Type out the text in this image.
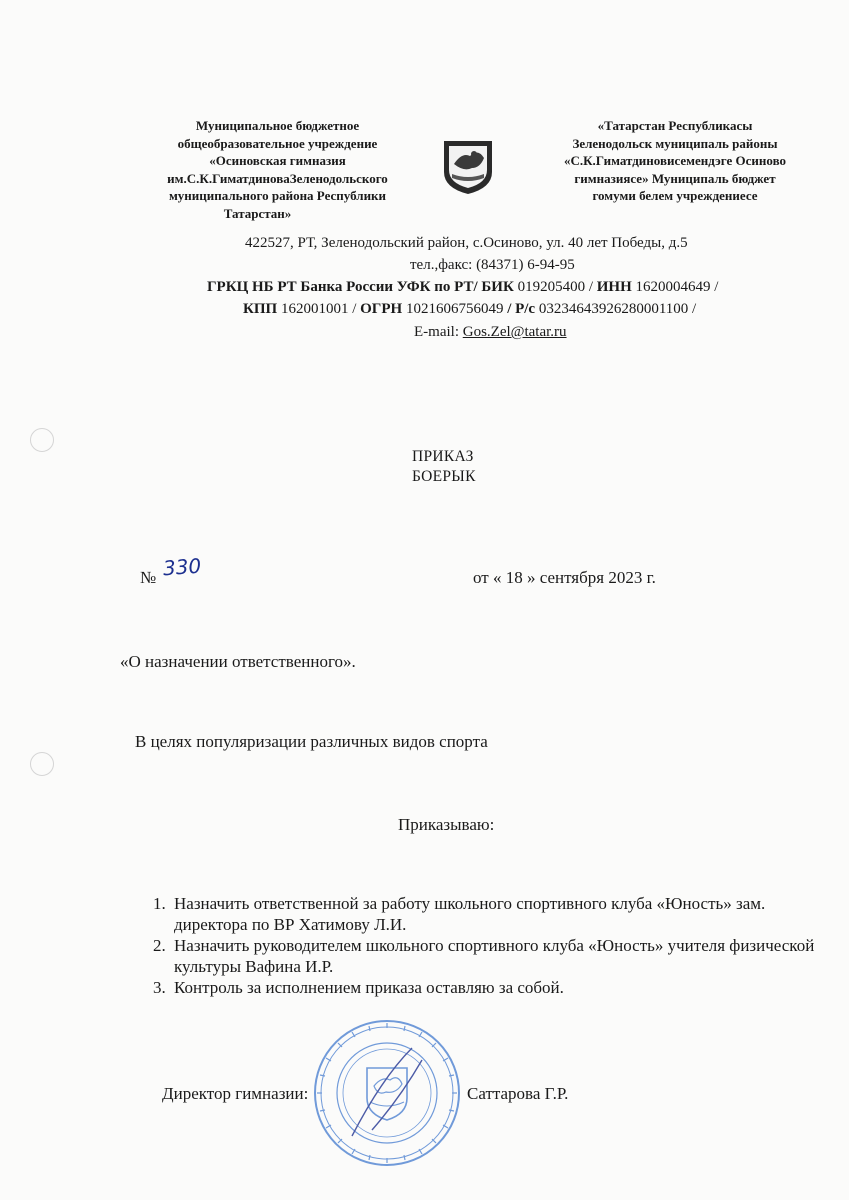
Муниципальное бюджетное
общеобразовательное учреждение
«Осиновская гимназия
им.С.К.ГиматдиноваЗеленодольского
муниципального района Республики
Татарстан»
«Татарстан Республикасы
Зеленодольск муниципаль районы
«С.К.Гиматдиновисемендэге Осиново
гимназиясе» Муниципаль бюджет
гомуми белем учреждениесе
422527, РТ, Зеленодольский район, с.Осиново, ул. 40 лет Победы, д.5
тел.,факс: (84371) 6-94-95
ГРКЦ НБ РТ Банка России УФК по РТ/ БИК 019205400 / ИНН 1620004649 /
КПП 162001001 / ОГРН 1021606756049 / Р/с 03234643926280001100 /
E-mail: Gos.Zel@tatar.ru
ПРИКАЗ
БОЕРЫК
№ 330	от « 18 » сентября 2023 г.
«О назначении ответственного».
В целях популяризации различных видов спорта
Приказываю:
1. Назначить ответственной за работу школьного спортивного клуба «Юность» зам. директора по ВР Хатимову Л.И.
2. Назначить руководителем школьного спортивного клуба «Юность» учителя физической культуры Вафина И.Р.
3. Контроль за исполнением приказа оставляю за собой.
Директор гимназии:	Саттарова Г.Р.
